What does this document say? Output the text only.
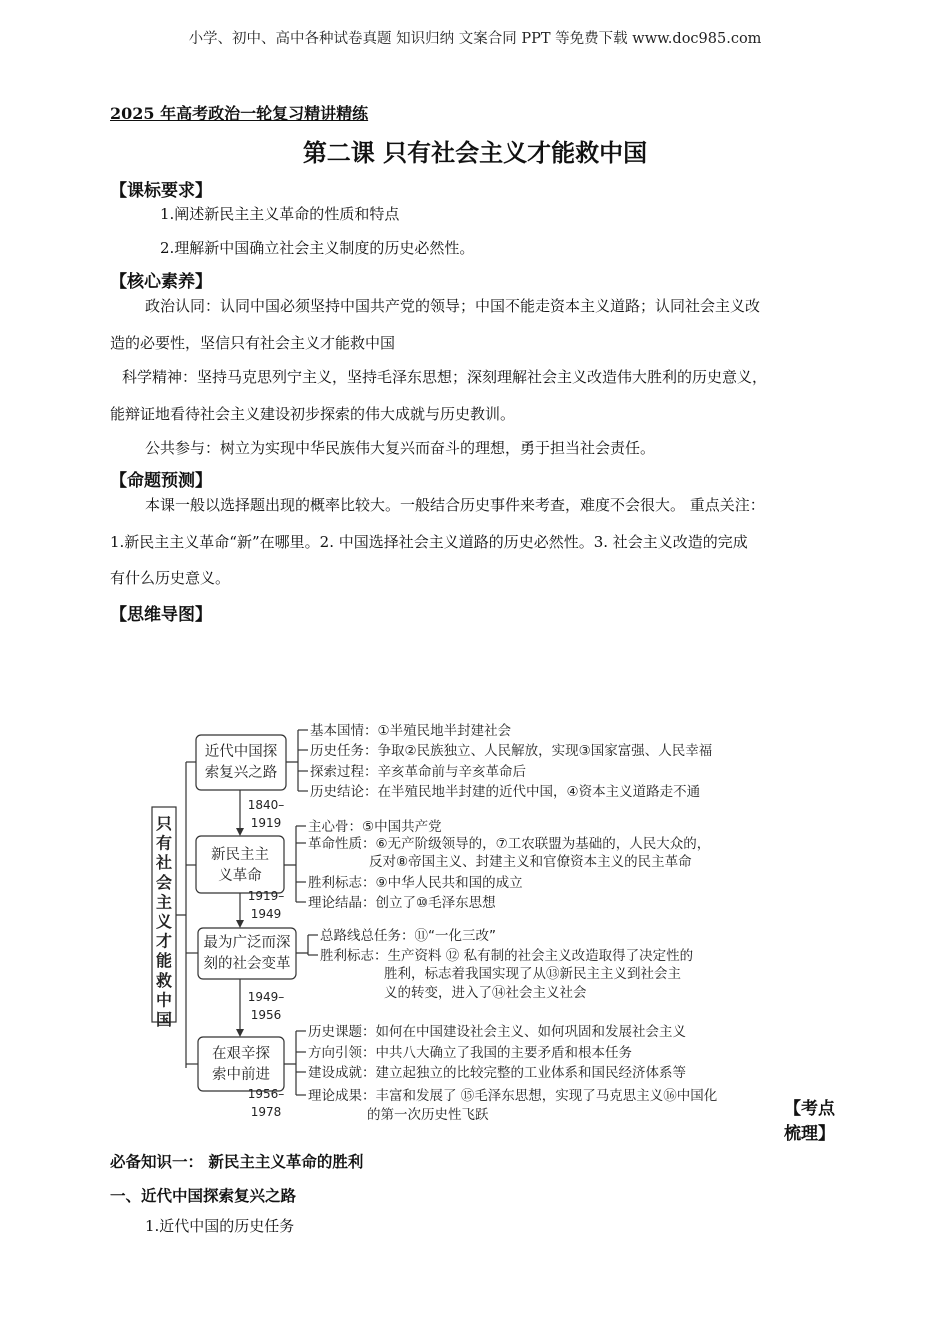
小学、初中、高中各种试卷真题 知识归纳 文案合同 PPT 等免费下载 www.doc985.com
2025 年高考政治一轮复习精讲精练
第二课 只有社会主义才能救中国
【课标要求】
1.阐述新民主主义革命的性质和特点
2.理解新中国确立社会主义制度的历史必然性。
【核心素养】
政治认同：认同中国必须坚持中国共产党的领导；中国不能走资本主义道路；认同社会主义改
造的必要性，坚信只有社会主义才能救中国
科学精神：坚持马克思列宁主义，坚持毛泽东思想；深刻理解社会主义改造伟大胜利的历史意义，
能辩证地看待社会主义建设初步探索的伟大成就与历史教训。
公共参与：树立为实现中华民族伟大复兴而奋斗的理想，勇于担当社会责任。
【命题预测】
本课一般以选择题出现的概率比较大。一般结合历史事件来考查，难度不会很大。 重点关注：
1.新民主主义革命“新”在哪里。2. 中国选择社会主义道路的历史必然性。3. 社会主义改造的完成
有什么历史意义。
【思维导图】
只
有
社
会
主
义
才
能
救
中
国
近代中国探
索复兴之路
新民主主
义革命
最为广泛而深
刻的社会变革
在艰辛探
索中前进
1840–
1919
1919–
1949
1949–
1956
1956–
1978
基本国情：①半殖民地半封建社会
历史任务：争取②民族独立、人民解放，实现③国家富强、人民幸福
探索过程：辛亥革命前与辛亥革命后
历史结论：在半殖民地半封建的近代中国，④资本主义道路走不通
主心骨：⑤中国共产党
革命性质：⑥无产阶级领导的，⑦工农联盟为基础的，人民大众的，
反对⑧帝国主义、封建主义和官僚资本主义的民主革命
胜利标志：⑨中华人民共和国的成立
理论结晶：创立了⑩毛泽东思想
总路线总任务：⑪“一化三改”
胜利标志：生产资料 ⑫ 私有制的社会主义改造取得了决定性的
胜利，标志着我国实现了从⑬新民主主义到社会主
义的转变，进入了⑭社会主义社会
历史课题：如何在中国建设社会主义、如何巩固和发展社会主义
方向引领：中共八大确立了我国的主要矛盾和根本任务
建设成就：建立起独立的比较完整的工业体系和国民经济体系等
理论成果：丰富和发展了 ⑮毛泽东思想，实现了马克思主义⑯中国化
的第一次历史性飞跃	【考点梳理】
必备知识一： 新民主主义革命的胜利
一、近代中国探索复兴之路
1.近代中国的历史任务
